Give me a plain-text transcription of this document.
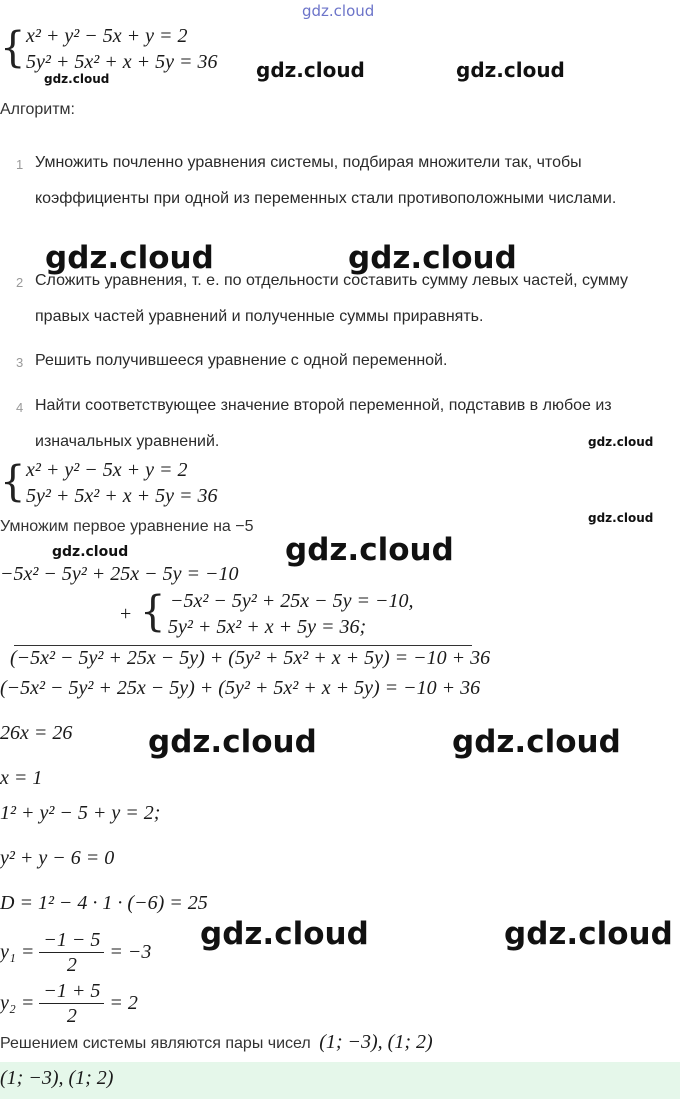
gdz.cloud
gdz.cloud	gdz.cloud	gdz.cloud
gdz.cloud	gdz.cloud
gdz.cloud
gdz.cloud
gdz.cloud	gdz.cloud
gdz.cloud	gdz.cloud
gdz.cloud	gdz.cloud
{ x² + y² − 5x + y = 2
5y² + 5x² + x + 5y = 36
Алгоритм:
1 Умножить почленно уравнения системы, подбирая множители так, чтобы коэффициенты при одной из переменных стали противоположными числами.
2 Сложить уравнения, т. е. по отдельности составить сумму левых частей, сумму правых частей уравнений и полученные суммы приравнять.
3 Решить получившееся уравнение с одной переменной.
4 Найти соответствующее значение второй переменной, подставив в любое из изначальных уравнений.
{ x² + y² − 5x + y = 2
5y² + 5x² + x + 5y = 36
Умножим первое уравнение на −5
−5x² − 5y² + 25x − 5y = −10
+ { −5x² − 5y² + 25x − 5y = −10,
5y² + 5x² + x + 5y = 36;
(−5x² − 5y² + 25x − 5y) + (5y² + 5x² + x + 5y) = −10 + 36
(−5x² − 5y² + 25x − 5y) + (5y² + 5x² + x + 5y) = −10 + 36
26x = 26
x = 1
1² + y² − 5 + y = 2;
y² + y − 6 = 0
D = 1² − 4 · 1 · (−6) = 25
$y_1 = \frac{-1 - 5}{2} = -3$
$y_2 = \frac{-1 + 5}{2} = 2$
Решением системы являются пары чисел (1; −3), (1; 2)
(1; −3), (1; 2)
